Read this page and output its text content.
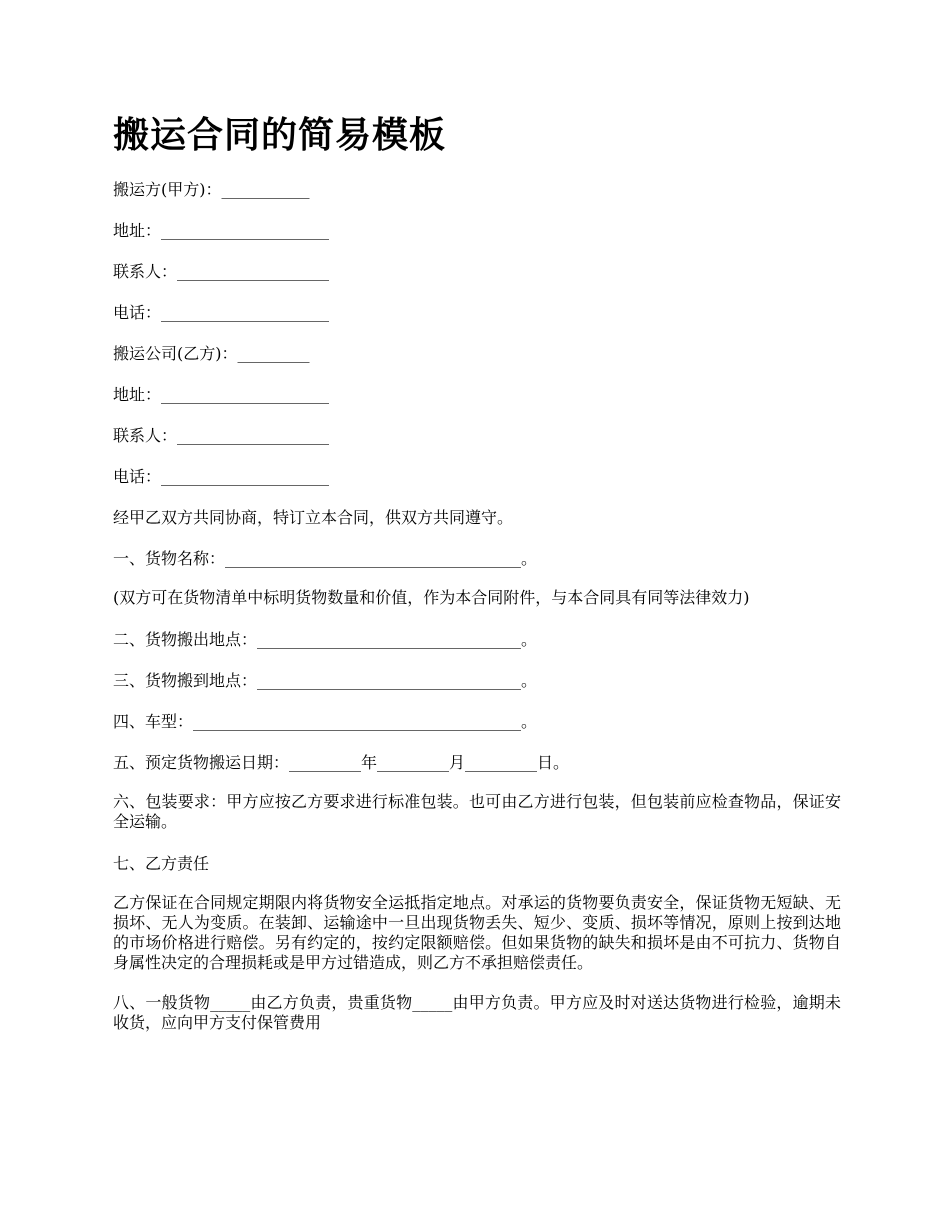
搬运合同的简易模板
搬运方(甲方)：___________
地址：_____________________
联系人：___________________
电话：_____________________
搬运公司(乙方)：_________
地址：_____________________
联系人：___________________
电话：_____________________
经甲乙双方共同协商，特订立本合同，供双方共同遵守。
一、货物名称：_____________________________________。
(双方可在货物清单中标明货物数量和价值，作为本合同附件，与本合同具有同等法律效力)
二、货物搬出地点：_________________________________。
三、货物搬到地点：_________________________________。
四、车型：_________________________________________。
五、预定货物搬运日期：_________年_________月_________日。
六、包装要求：甲方应按乙方要求进行标准包装。也可由乙方进行包装，但包装前应检查物品，保证安全运输。
七、乙方责任
乙方保证在合同规定期限内将货物安全运抵指定地点。对承运的货物要负责安全，保证货物无短缺、无损坏、无人为变质。在装卸、运输途中一旦出现货物丢失、短少、变质、损坏等情况，原则上按到达地的市场价格进行赔偿。另有约定的，按约定限额赔偿。但如果货物的缺失和损坏是由不可抗力、货物自身属性决定的合理损耗或是甲方过错造成，则乙方不承担赔偿责任。
八、一般货物_____由乙方负责，贵重货物_____由甲方负责。甲方应及时对送达货物进行检验，逾期未收货，应向甲方支付保管费用
